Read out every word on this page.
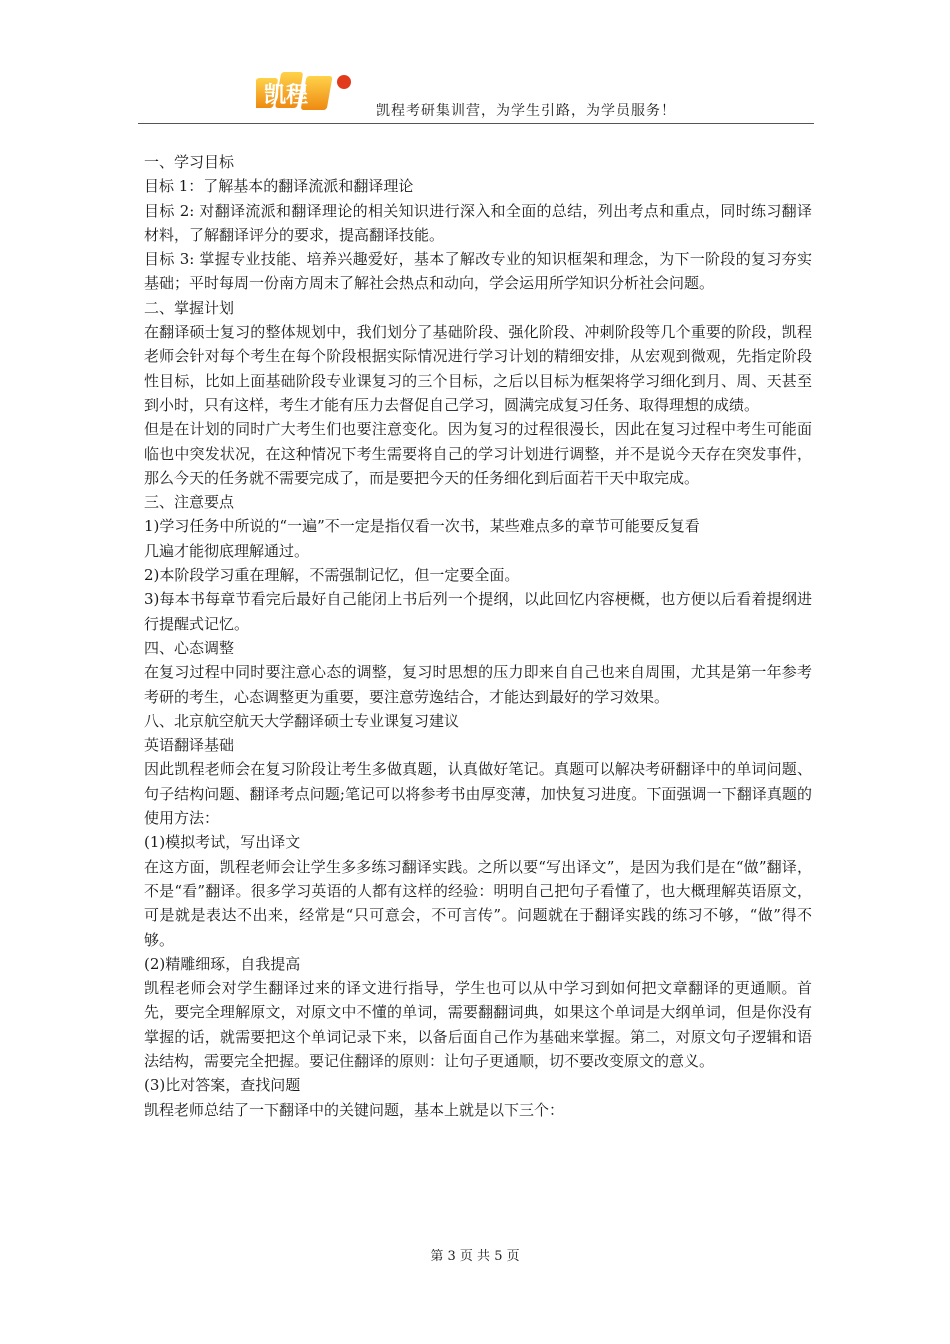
凯程
凯程考研集训营，为学生引路，为学员服务！

一、学习目标

目标 1：了解基本的翻译流派和翻译理论

目标 2: 对翻译流派和翻译理论的相关知识进行深入和全面的总结，列出考点和重点，同时练习翻译材料，了解翻译评分的要求，提高翻译技能。

目标 3: 掌握专业技能、培养兴趣爱好，基本了解改专业的知识框架和理念，为下一阶段的复习夯实基础；平时每周一份南方周末了解社会热点和动向，学会运用所学知识分析社会问题。

二、掌握计划

在翻译硕士复习的整体规划中，我们划分了基础阶段、强化阶段、冲刺阶段等几个重要的阶段，凯程老师会针对每个考生在每个阶段根据实际情况进行学习计划的精细安排，从宏观到微观，先指定阶段性目标，比如上面基础阶段专业课复习的三个目标，之后以目标为框架将学习细化到月、周、天甚至到小时，只有这样，考生才能有压力去督促自己学习，圆满完成复习任务、取得理想的成绩。

但是在计划的同时广大考生们也要注意变化。因为复习的过程很漫长，因此在复习过程中考生可能面临也中突发状况，在这种情况下考生需要将自己的学习计划进行调整，并不是说今天存在突发事件，那么今天的任务就不需要完成了，而是要把今天的任务细化到后面若干天中取完成。

三、注意要点

1)学习任务中所说的“一遍”不一定是指仅看一次书，某些难点多的章节可能要反复看

几遍才能彻底理解通过。

2)本阶段学习重在理解，不需强制记忆，但一定要全面。

3)每本书每章节看完后最好自己能闭上书后列一个提纲，以此回忆内容梗概，也方便以后看着提纲进行提醒式记忆。

四、心态调整

在复习过程中同时要注意心态的调整，复习时思想的压力即来自自己也来自周围，尤其是第一年参考考研的考生，心态调整更为重要，要注意劳逸结合，才能达到最好的学习效果。

八、北京航空航天大学翻译硕士专业课复习建议

英语翻译基础

因此凯程老师会在复习阶段让考生多做真题，认真做好笔记。真题可以解决考研翻译中的单词问题、句子结构问题、翻译考点问题;笔记可以将参考书由厚变薄，加快复习进度。下面强调一下翻译真题的使用方法：

(1)模拟考试，写出译文

在这方面，凯程老师会让学生多多练习翻译实践。之所以要“写出译文”，是因为我们是在“做”翻译，不是“看”翻译。很多学习英语的人都有这样的经验：明明自己把句子看懂了，也大概理解英语原文，可是就是表达不出来，经常是“只可意会，不可言传”。问题就在于翻译实践的练习不够，“做”得不够。

(2)精雕细琢，自我提高

凯程老师会对学生翻译过来的译文进行指导，学生也可以从中学习到如何把文章翻译的更通顺。首先，要完全理解原文，对原文中不懂的单词，需要翻翻词典，如果这个单词是大纲单词，但是你没有掌握的话，就需要把这个单词记录下来，以备后面自己作为基础来掌握。第二，对原文句子逻辑和语法结构，需要完全把握。要记住翻译的原则：让句子更通顺，切不要改变原文的意义。

(3)比对答案，查找问题

凯程老师总结了一下翻译中的关键问题，基本上就是以下三个：

第 3 页 共 5 页
